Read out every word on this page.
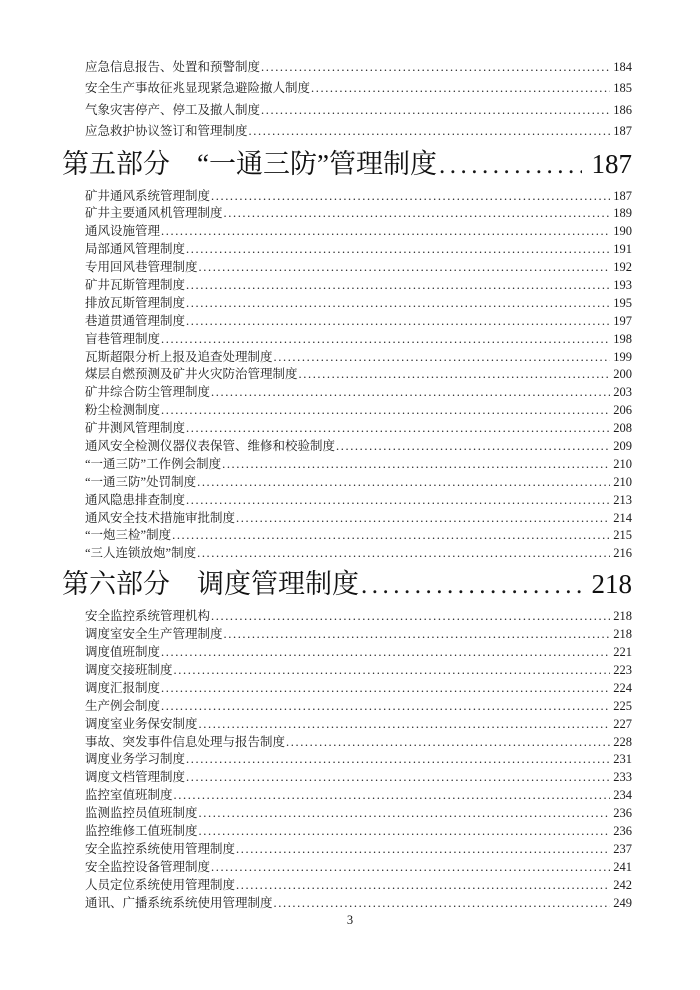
应急信息报告、处置和预警制度 .....	184
安全生产事故征兆显现紧急避险撤人制度 .....	185
气象灾害停产、停工及撤人制度 .....	186
应急救护协议签订和管理制度 .....	187
第五部分 “一通三防”管理制度 .....	187
矿井通风系统管理制度 .....	187
矿井主要通风机管理制度 .....	189
通风设施管理 .....	190
局部通风管理制度 .....	191
专用回风巷管理制度 .....	192
矿井瓦斯管理制度 .....	193
排放瓦斯管理制度 .....	195
巷道贯通管理制度 .....	197
盲巷管理制度 .....	198
瓦斯超限分析上报及追查处理制度 .....	199
煤层自燃预测及矿井火灾防治管理制度 .....	200
矿井综合防尘管理制度 .....	203
粉尘检测制度 .....	206
矿井测风管理制度 .....	208
通风安全检测仪器仪表保管、维修和校验制度 .....	209
“一通三防”工作例会制度 .....	210
“一通三防”处罚制度 .....	210
通风隐患排查制度 .....	213
通风安全技术措施审批制度 .....	214
“一炮三检”制度 .....	215
“三人连锁放炮”制度 .....	216
第六部分 调度管理制度 .....	218
安全监控系统管理机构 .....	218
调度室安全生产管理制度 .....	218
调度值班制度 .....	221
调度交接班制度 .....	223
调度汇报制度 .....	224
生产例会制度 .....	225
调度室业务保安制度 .....	227
事故、突发事件信息处理与报告制度 .....	228
调度业务学习制度 .....	231
调度文档管理制度 .....	233
监控室值班制度 .....	234
监测监控员值班制度 .....	236
监控维修工值班制度 .....	236
安全监控系统使用管理制度 .....	237
安全监控设备管理制度 .....	241
人员定位系统使用管理制度 .....	242
通讯、广播系统系统使用管理制度 .....	249
3
